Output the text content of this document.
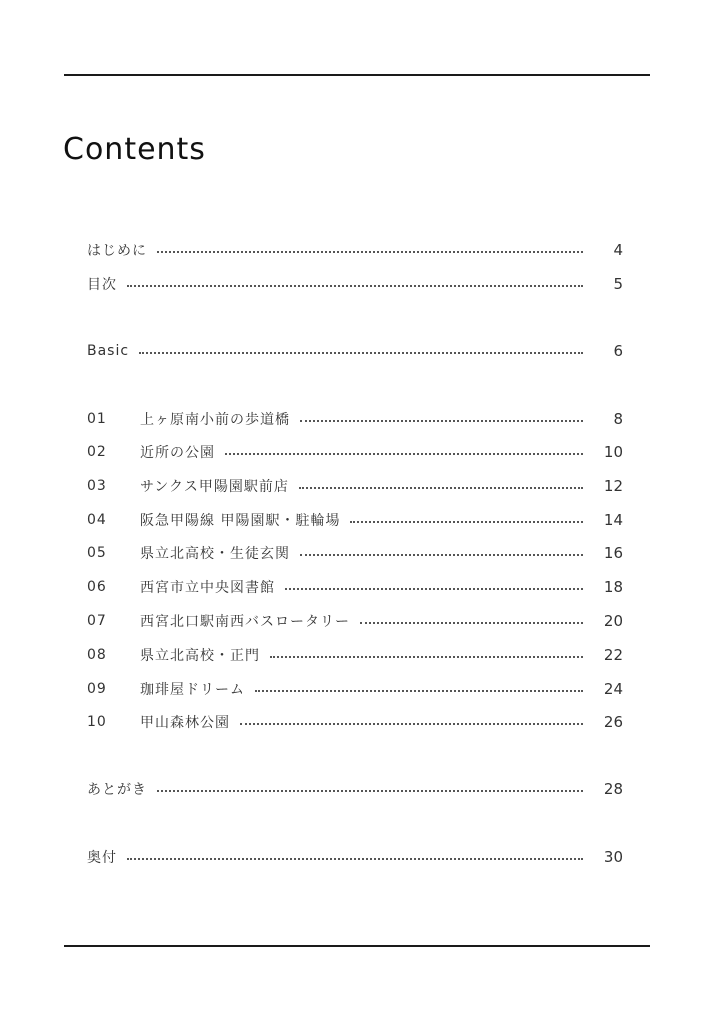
Contents
はじめに	4
目次	5
Basic	6
01	上ヶ原南小前の歩道橋	8
02	近所の公園	10
03	サンクス甲陽園駅前店	12
04	阪急甲陽線 甲陽園駅・駐輪場	14
05	県立北高校・生徒玄関	16
06	西宮市立中央図書館	18
07	西宮北口駅南西バスロータリー	20
08	県立北高校・正門	22
09	珈琲屋ドリーム	24
10	甲山森林公園	26
あとがき	28
奥付	30
